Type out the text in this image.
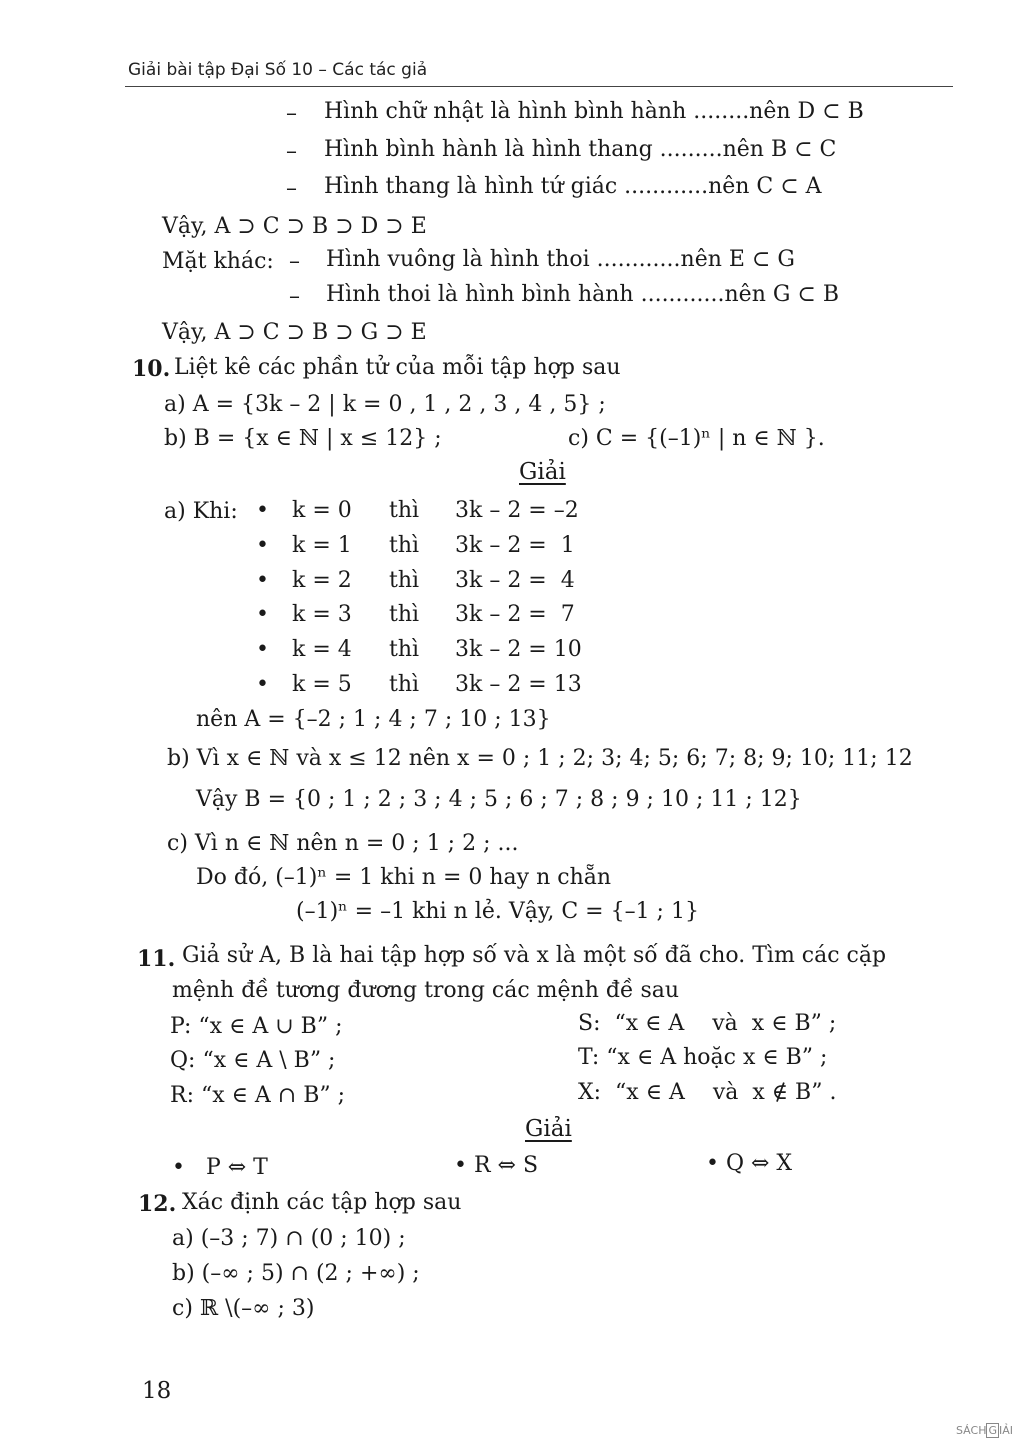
Giải bài tập Đại Số 10 – Các tác giả
– Hình chữ nhật là hình bình hành ........nên D ⊂ B
– Hình bình hành là hình thang .........nên B ⊂ C
– Hình thang là hình tứ giác ............nên C ⊂ A
Vậy, A ⊃ C ⊃ B ⊃ D ⊃ E
Mặt khác: – Hình vuông là hình thoi ............nên E ⊂ G
– Hình thoi là hình bình hành ............nên G ⊂ B
Vậy, A ⊃ C ⊃ B ⊃ G ⊃ E
10. Liệt kê các phần tử của mỗi tập hợp sau
a) A = {3k – 2 | k = 0 , 1 , 2 , 3 , 4 , 5} ;
b) B = {x ∈ ℕ | x ≤ 12} ;	c) C = {(–1)ⁿ | n ∈ ℕ }.
Giải
a) Khi: • k = 0 thì 3k – 2 = –2
• k = 1 thì 3k – 2 =  1
• k = 2 thì 3k – 2 =  4
• k = 3 thì 3k – 2 =  7
• k = 4 thì 3k – 2 = 10
• k = 5 thì 3k – 2 = 13
nên A = {–2 ; 1 ; 4 ; 7 ; 10 ; 13}
b) Vì x ∈ ℕ và x ≤ 12 nên x = 0 ; 1 ; 2; 3; 4; 5; 6; 7; 8; 9; 10; 11; 12
Vậy B = {0 ; 1 ; 2 ; 3 ; 4 ; 5 ; 6 ; 7 ; 8 ; 9 ; 10 ; 11 ; 12}
c) Vì n ∈ ℕ nên n = 0 ; 1 ; 2 ; ...
Do đó, (–1)ⁿ = 1 khi n = 0 hay n chẵn
(–1)ⁿ = –1 khi n lẻ. Vậy, C = {–1 ; 1}
11. Giả sử A, B là hai tập hợp số và x là một số đã cho. Tìm các cặp
mệnh đề tương đương trong các mệnh đề sau
P: “x ∈ A ∪ B” ;
Q: “x ∈ A \ B” ;
R: “x ∈ A ∩ B” ;
S:  “x ∈ A    và  x ∈ B” ;
T: “x ∈ A hoặc x ∈ B” ;
X:  “x ∈ A    và  x ∉ B” .
Giải
•   P ⇔ T	• R ⇔ S	• Q ⇔ X
12. Xác định các tập hợp sau
a) (–3 ; 7) ∩ (0 ; 10) ;
b) (–∞ ; 5) ∩ (2 ; +∞) ;
c) ℝ \(–∞ ; 3)
18
SÁCH G IẢI
